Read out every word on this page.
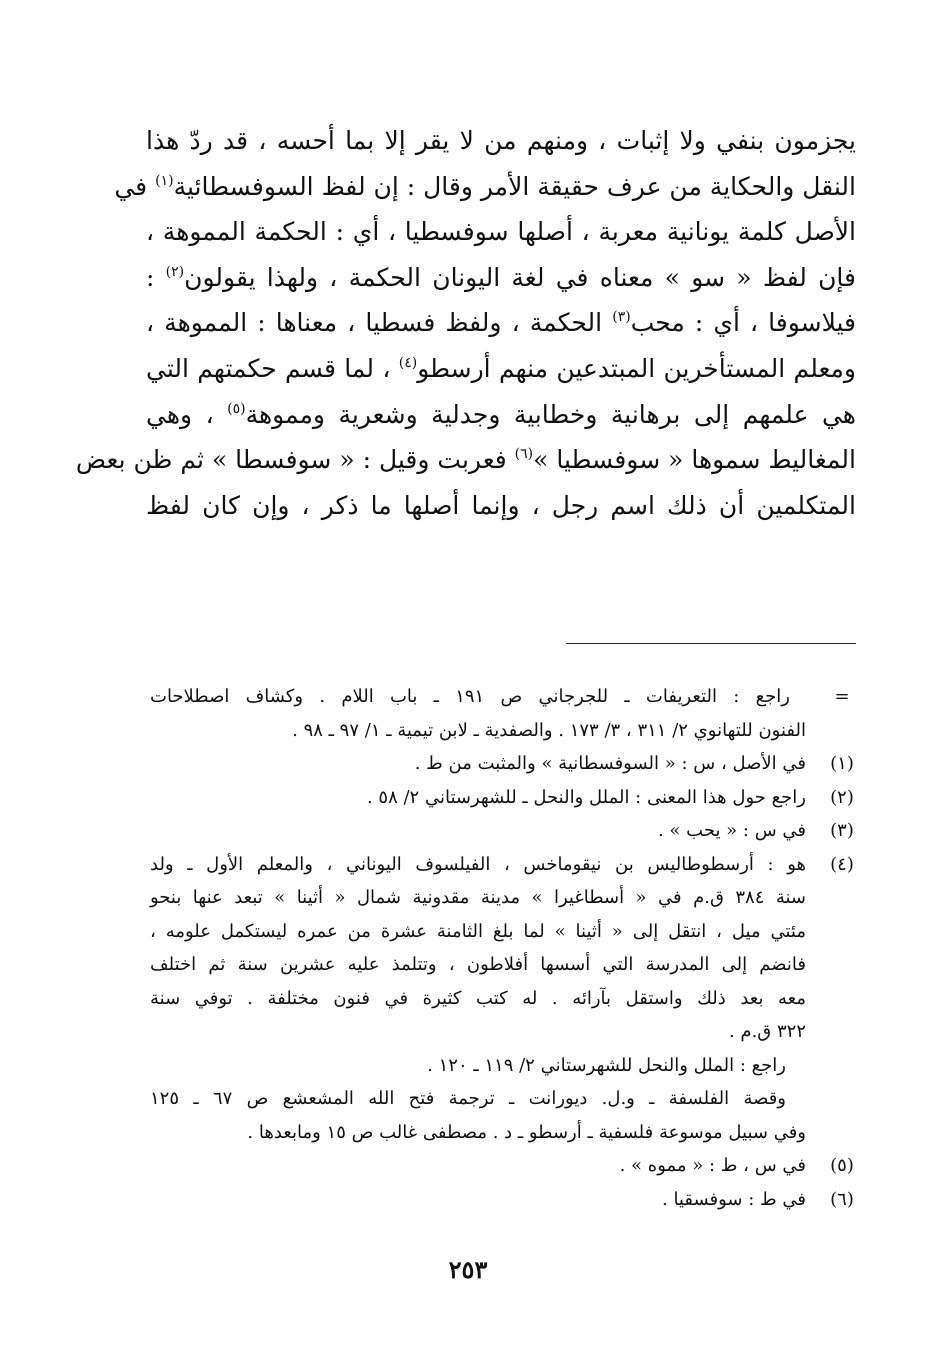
يجزمون بنفي ولا إثبات ، ومنهم من لا يقر إلا بما أحسه ، قد ردّ هذا
النقل والحكاية من عرف حقيقة الأمر وقال : إن لفظ السوفسطائية$^{(١)}$ في
الأصل كلمة يونانية معربة ، أصلها سوفسطيا ، أي : الحكمة المموهة ،
فإن لفظ « سو » معناه في لغة اليونان الحكمة ، ولهذا يقولون$^{(٢)}$ :
فيلاسوفا ، أي : محب$^{(٣)}$ الحكمة ، ولفظ فسطيا ، معناها : المموهة ،
ومعلم المستأخرين المبتدعين منهم أرسطو$^{(٤)}$ ، لما قسم حكمتهم التي
هي علمهم إلى برهانية وخطابية وجدلية وشعرية ومموهة$^{(٥)}$ ، وهي
المغاليط سموها « سوفسطيا »$^{(٦)}$ فعربت وقيل : « سوفسطا » ثم ظن بعض
المتكلمين أن ذلك اسم رجل ، وإنما أصلها ما ذكر ، وإن كان لفظ
=
راجع : التعريفات ـ للجرجاني ص ١٩١ ـ باب اللام . وكشاف اصطلاحات
الفنون للتهانوي ٢/ ٣١١ ، ٣/ ١٧٣ . والصفدية ـ لابن تيمية ـ ١/ ٩٧ ـ ٩٨ .
(١)
في الأصل ، س : « السوفسطانية » والمثبت من ط .
(٢)
راجع حول هذا المعنى : الملل والنحل ـ للشهرستاني ٢/ ٥٨ .
(٣)
في س : « يحب » .
(٤)
هو : أرسطوطاليس بن نيقوماخس ، الفيلسوف اليوناني ، والمعلم الأول ـ ولد
سنة ٣٨٤ ق.م في « أسطاغيرا » مدينة مقدونية شمال « أثينا » تبعد عنها بنحو
مئتي ميل ، انتقل إلى « أثينا » لما بلغ الثامنة عشرة من عمره ليستكمل علومه ،
فانضم إلى المدرسة التي أسسها أفلاطون ، وتتلمذ عليه عشرين سنة ثم اختلف
معه بعد ذلك واستقل بآرائه . له كتب كثيرة في فنون مختلفة . توفي سنة
٣٢٢ ق.م .
راجع : الملل والنحل للشهرستاني ٢/ ١١٩ ـ ١٢٠ .
وقصة الفلسفة ـ و.ل. ديورانت ـ ترجمة فتح الله المشعشع ص ٦٧ ـ ١٢٥
وفي سبيل موسوعة فلسفية ـ أرسطو ـ د . مصطفى غالب ص ١٥ ومابعدها .
(٥)
في س ، ط : « مموه » .
(٦)
في ط : سوفسقيا .
٢٥٣
